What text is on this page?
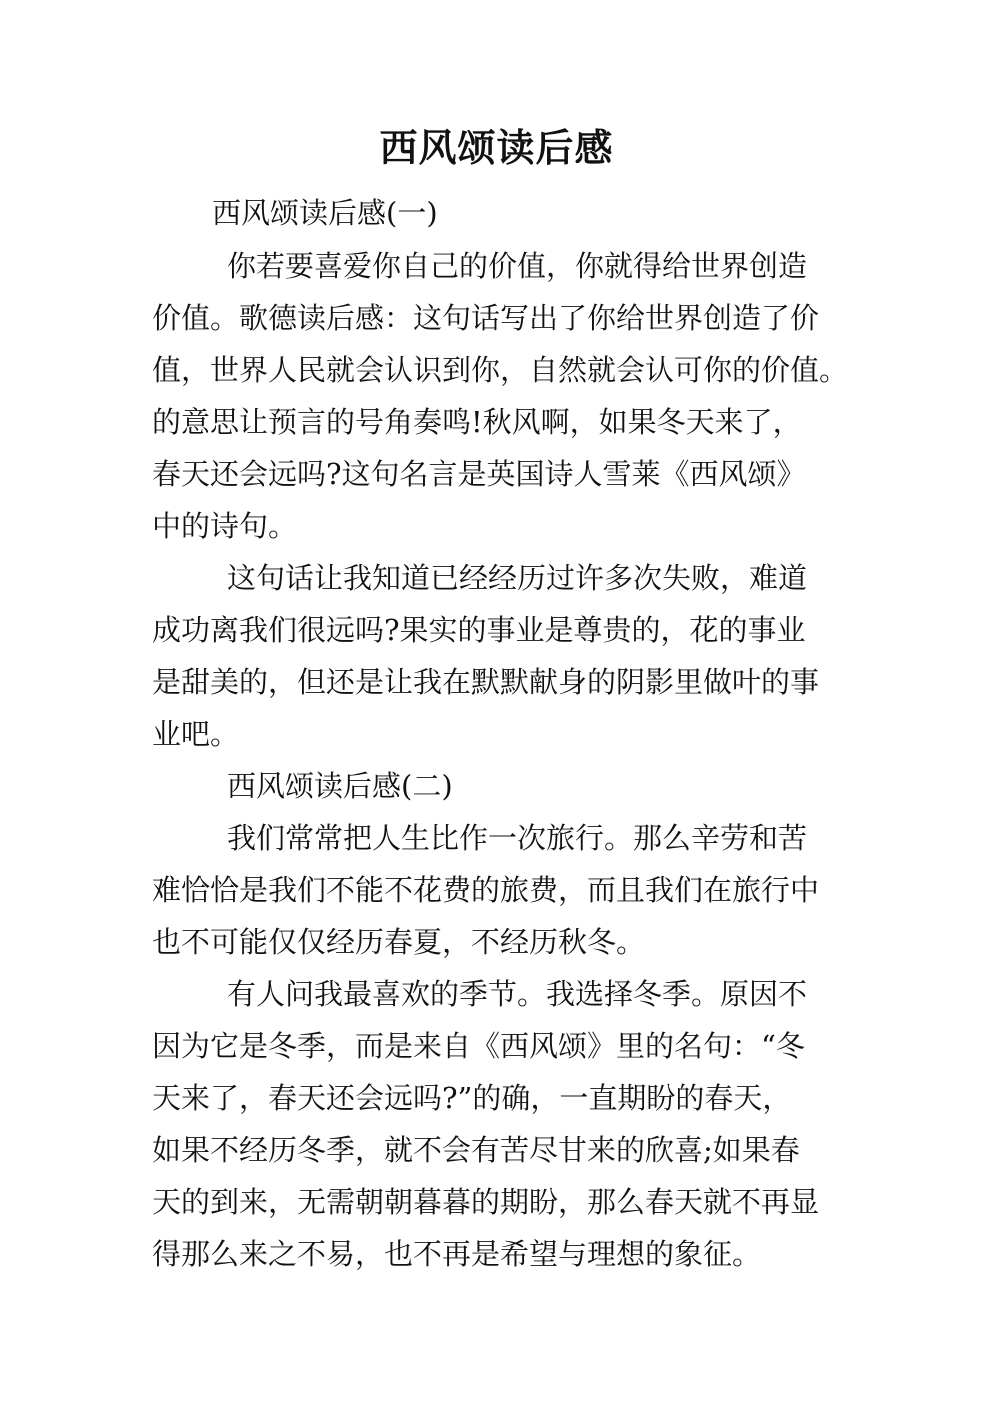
西风颂读后感
西风颂读后感(一)
你若要喜爱你自己的价值，你就得给世界创造
价值。歌德读后感：这句话写出了你给世界创造了价
值，世界人民就会认识到你，自然就会认可你的价值。
的意思让预言的号角奏鸣!秋风啊，如果冬天来了，
春天还会远吗?这句名言是英国诗人雪莱《西风颂》
中的诗句。
这句话让我知道已经经历过许多次失败，难道
成功离我们很远吗?果实的事业是尊贵的，花的事业
是甜美的，但还是让我在默默献身的阴影里做叶的事
业吧。
西风颂读后感(二)
我们常常把人生比作一次旅行。那么辛劳和苦
难恰恰是我们不能不花费的旅费，而且我们在旅行中
也不可能仅仅经历春夏，不经历秋冬。
有人问我最喜欢的季节。我选择冬季。原因不
因为它是冬季，而是来自《西风颂》里的名句：“冬
天来了，春天还会远吗?”的确，一直期盼的春天，
如果不经历冬季，就不会有苦尽甘来的欣喜;如果春
天的到来，无需朝朝暮暮的期盼，那么春天就不再显
得那么来之不易，也不再是希望与理想的象征。
